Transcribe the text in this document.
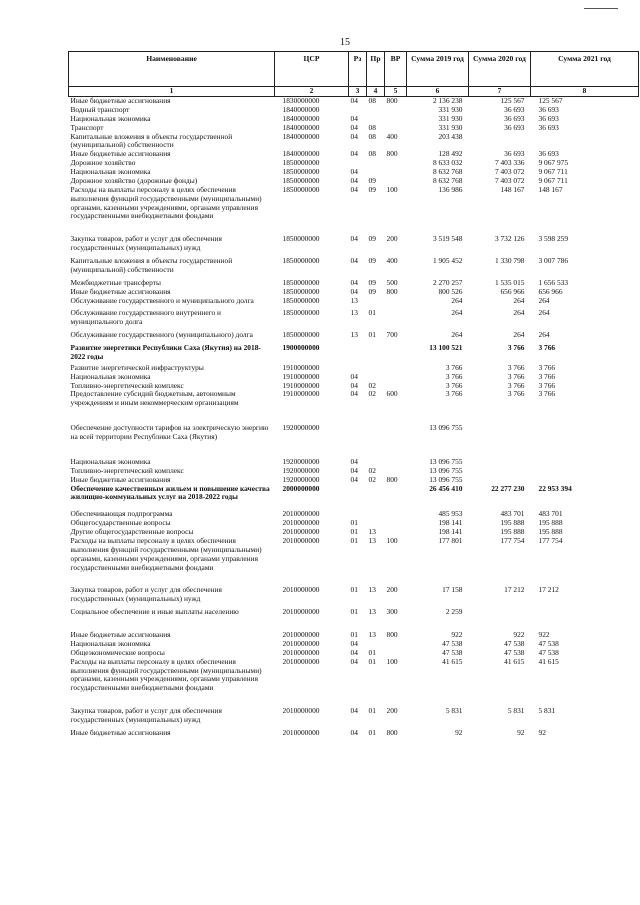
15
Наименование	ЦСР	Рз	Пр	ВР	Сумма 2019 год	Сумма 2020 год	Сумма 2021 год
1	2	3	4	5	6	7	8
Иные бюджетные ассигнования	1830000000	04	08	800	2 136 238	125 567	125 567
Водный транспорт	1840000000				331 930	36 693	36 693
Национальная экономика	1840000000	04			331 930	36 693	36 693
Транспорт	1840000000	04	08		331 930	36 693	36 693
Капитальные вложения в объекты государственной (муниципальной) собственности	1840000000	04	08	400	203 438		
Иные бюджетные ассигнования	1840000000	04	08	800	128 492	36 693	36 693
Дорожное хозяйство	1850000000				8 633 032	7 403 336	9 067 975
Национальная экономика	1850000000	04			8 632 768	7 403 072	9 067 711
Дорожное хозяйство (дорожные фонды)	1850000000	04	09		8 632 768	7 403 072	9 067 711
Расходы на выплаты персоналу в целях обеспечения выполнения функций государственными (муниципальными) органами, казенными учреждениями, органами управления государственными внебюджетными фондами	1850000000	04	09	100	136 986	148 167	148 167
Закупка товаров, работ и услуг для обеспечения государственных (муниципальных) нужд	1850000000	04	09	200	3 519 548	3 732 126	3 598 259
Капитальные вложения в объекты государственной (муниципальной) собственности	1850000000	04	09	400	1 905 452	1 330 798	3 007 786
Межбюджетные трансферты	1850000000	04	09	500	2 270 257	1 535 015	1 656 533
Иные бюджетные ассигнования	1850000000	04	09	800	800 526	656 966	656 966
Обслуживание государственного и муниципального долга	1850000000	13			264	264	264
Обслуживание государственного внутреннего и муниципального долга	1850000000	13	01		264	264	264
Обслуживание государственного (муниципального) долга	1850000000	13	01	700	264	264	264
Развитие энергетики Республики Саха (Якутия) на 2018-2022 годы	1900000000				13 100 521	3 766	3 766
Развитие энергетической инфраструктуры	1910000000				3 766	3 766	3 766
Национальная экономика	1910000000	04			3 766	3 766	3 766
Топливно-энергетический комплекс	1910000000	04	02		3 766	3 766	3 766
Предоставление субсидий бюджетным, автономным учреждениям и иным некоммерческим организациям	1910000000	04	02	600	3 766	3 766	3 766
Обеспечение доступности тарифов на электрическую энергию на всей территории Республики Саха (Якутия)	1920000000				13 096 755		
Национальная экономика	1920000000	04			13 096 755		
Топливно-энергетический комплекс	1920000000	04	02		13 096 755		
Иные бюджетные ассигнования	1920000000	04	02	800	13 096 755		
Обеспечение качественным жильем и повышение качества жилищно-коммунальных услуг на 2018-2022 годы	2000000000				26 456 410	22 277 230	22 953 394
Обеспечивающая подпрограмма	2010000000				485 953	483 701	483 701
Общегосударственные вопросы	2010000000	01			198 141	195 888	195 888
Другие общегосударственные вопросы	2010000000	01	13		198 141	195 888	195 888
Расходы на выплаты персоналу в целях обеспечения выполнения функций государственными (муниципальными) органами, казенными учреждениями, органами управления государственными внебюджетными фондами	2010000000	01	13	100	177 801	177 754	177 754
Закупка товаров, работ и услуг для обеспечения государственных (муниципальных) нужд	2010000000	01	13	200	17 158	17 212	17 212
Социальное обеспечение и иные выплаты населению	2010000000	01	13	300	2 259		
Иные бюджетные ассигнования	2010000000	01	13	800	922	922	922
Национальная экономика	2010000000	04			47 538	47 538	47 538
Общеэкономические вопросы	2010000000	04	01		47 538	47 538	47 538
Расходы на выплаты персоналу в целях обеспечения выполнения функций государственными (муниципальными) органами, казенными учреждениями, органами управления государственными внебюджетными фондами	2010000000	04	01	100	41 615	41 615	41 615
Закупка товаров, работ и услуг для обеспечения государственных (муниципальных) нужд	2010000000	04	01	200	5 831	5 831	5 831
Иные бюджетные ассигнования	2010000000	04	01	800	92	92	92
